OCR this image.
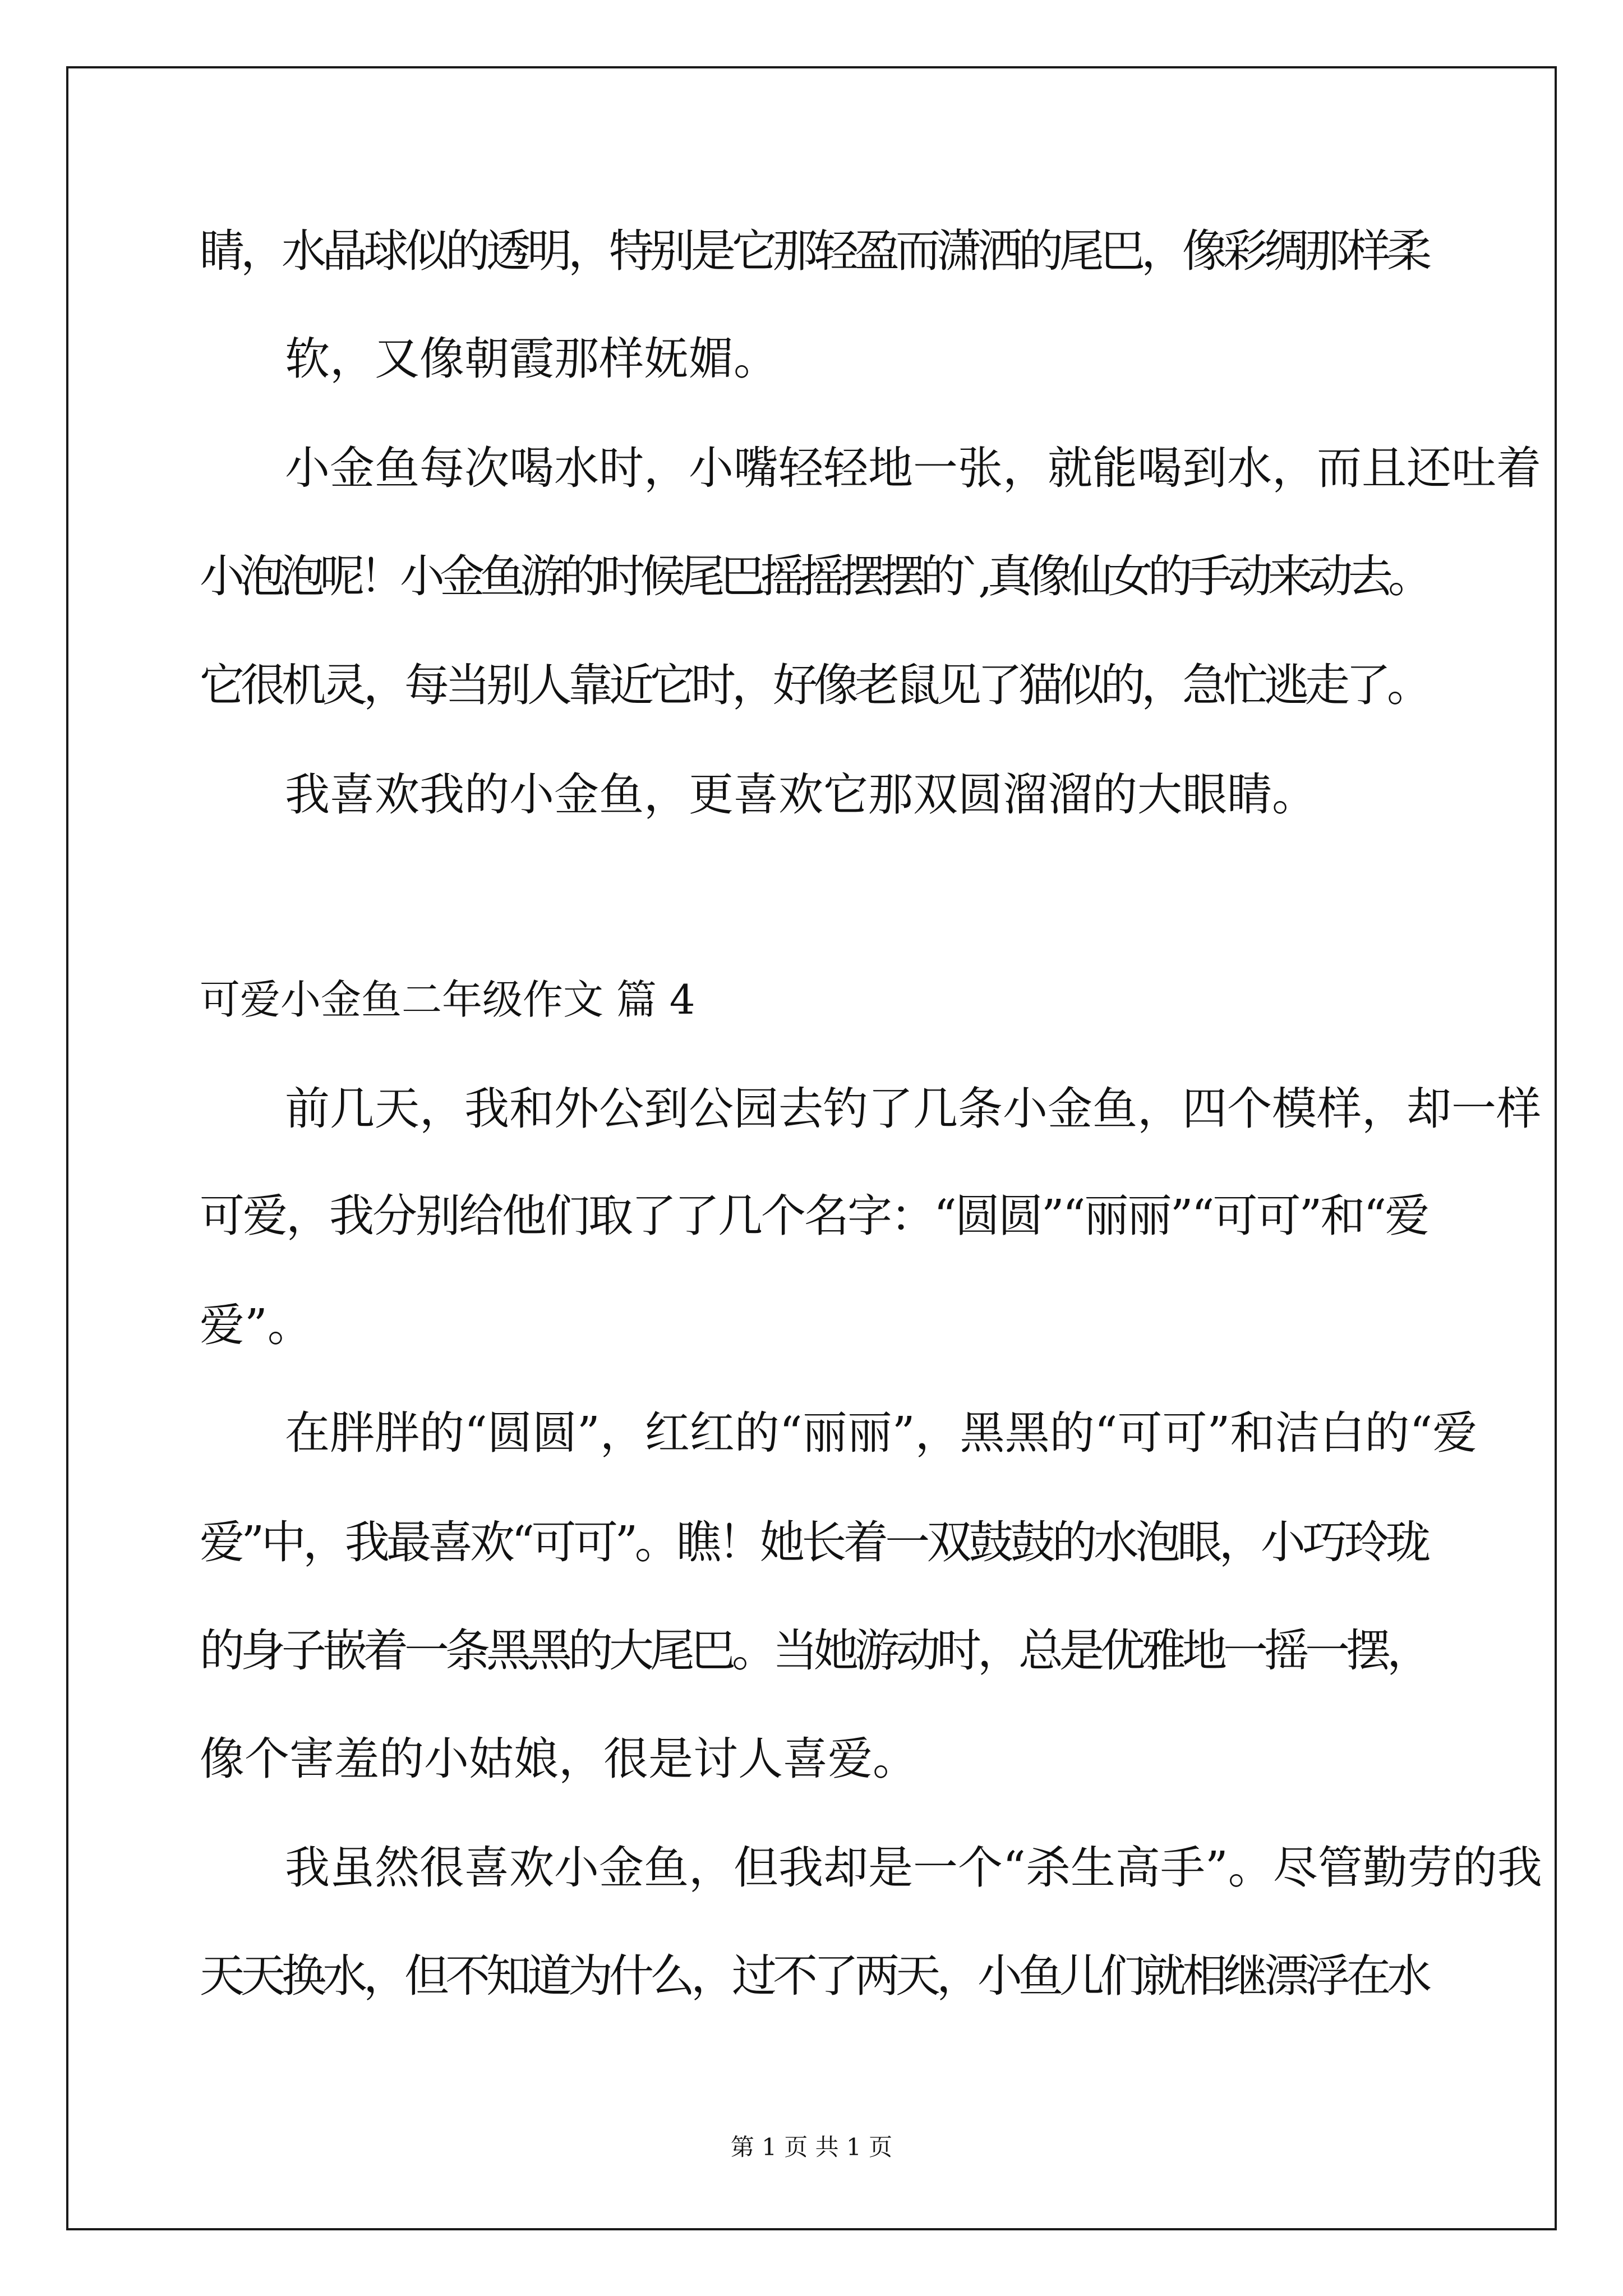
睛，水晶球似的透明，特别是它那轻盈而潇洒的尾巴，像彩绸那样柔
软，又像朝霞那样妩媚。
小金鱼每次喝水时，小嘴轻轻地一张，就能喝到水，而且还吐着
小泡泡呢！小金鱼游的时候尾巴摇摇摆摆的`,真像仙女的手动来动去。
它很机灵，每当别人靠近它时，好像老鼠见了猫似的，急忙逃走了。
我喜欢我的小金鱼，更喜欢它那双圆溜溜的大眼睛。
可爱小金鱼二年级作文 篇 4
前几天，我和外公到公园去钓了几条小金鱼，四个模样，却一样
可爱，我分别给他们取了了几个名字：“圆圆”“丽丽”“可可”和“爱
爱”。
在胖胖的“圆圆”，红红的“丽丽”，黑黑的“可可”和洁白的“爱
爱”中，我最喜欢“可可”。瞧！她长着一双鼓鼓的水泡眼，小巧玲珑
的身子嵌着一条黑黑的大尾巴。当她游动时，总是优雅地一摇一摆，
像个害羞的小姑娘，很是讨人喜爱。
我虽然很喜欢小金鱼，但我却是一个“杀生高手”。尽管勤劳的我
天天换水，但不知道为什么，过不了两天，小鱼儿们就相继漂浮在水
第 1 页 共 1 页
